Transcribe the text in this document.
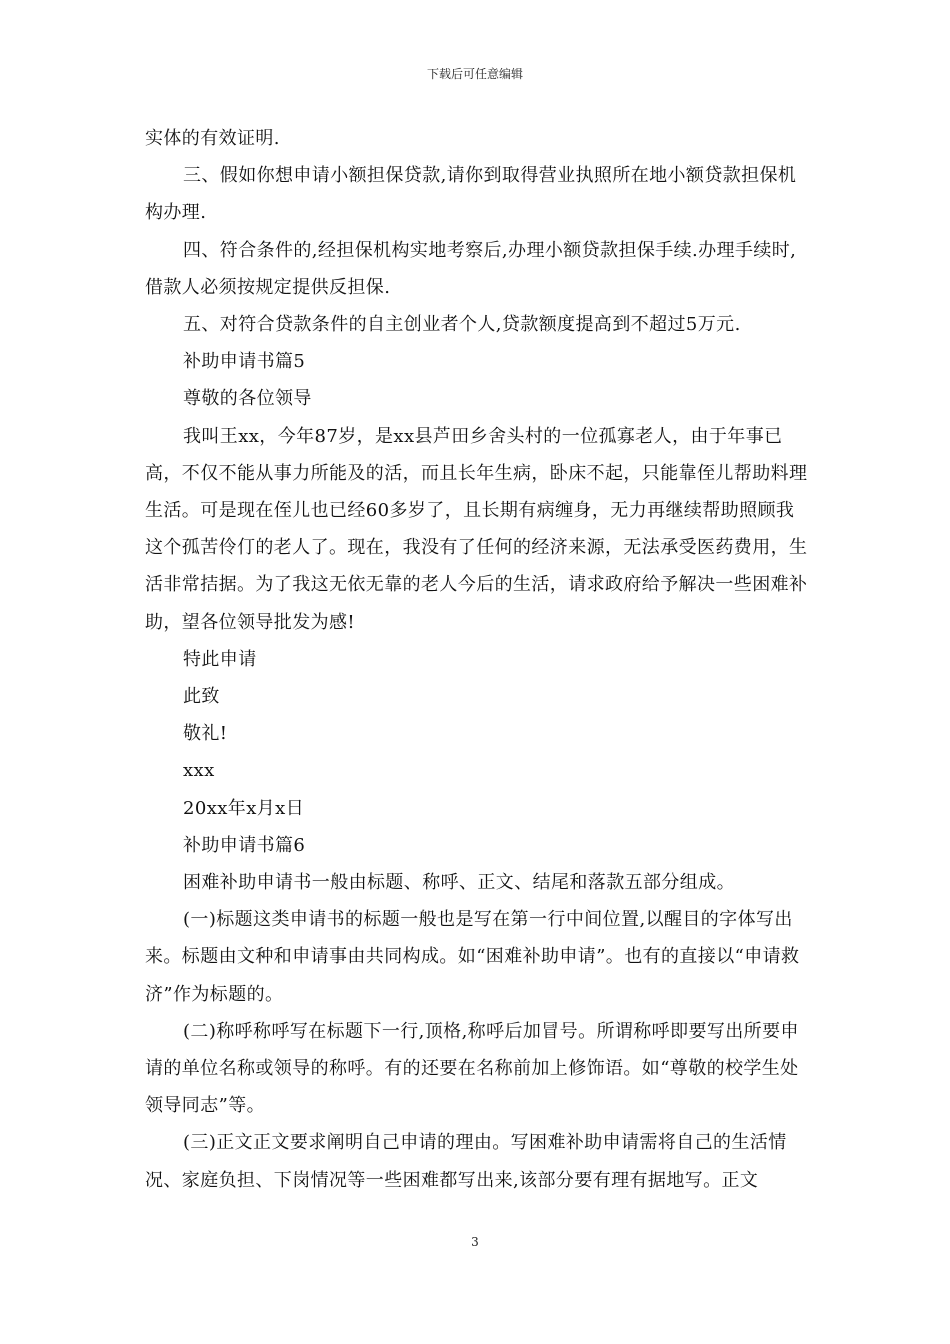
下载后可任意编辑

实体的有效证明.

三、假如你想申请小额担保贷款,请你到取得营业执照所在地小额贷款担保机构办理.

四、符合条件的,经担保机构实地考察后,办理小额贷款担保手续.办理手续时,借款人必须按规定提供反担保.

五、对符合贷款条件的自主创业者个人,贷款额度提高到不超过5万元.

补助申请书篇5

尊敬的各位领导

我叫王xx，今年87岁，是xx县芦田乡舍头村的一位孤寡老人，由于年事已高，不仅不能从事力所能及的活，而且长年生病，卧床不起，只能靠侄儿帮助料理生活。可是现在侄儿也已经60多岁了，且长期有病缠身，无力再继续帮助照顾我这个孤苦伶仃的老人了。现在，我没有了任何的经济来源，无法承受医药费用，生活非常拮据。为了我这无依无靠的老人今后的生活，请求政府给予解决一些困难补助，望各位领导批发为感!

特此申请

此致

敬礼!

xxx

20xx年x月x日

补助申请书篇6

困难补助申请书一般由标题、称呼、正文、结尾和落款五部分组成。

(一)标题这类申请书的标题一般也是写在第一行中间位置,以醒目的字体写出来。标题由文种和申请事由共同构成。如“困难补助申请”。也有的直接以“申请救济”作为标题的。

(二)称呼称呼写在标题下一行,顶格,称呼后加冒号。所谓称呼即要写出所要申请的单位名称或领导的称呼。有的还要在名称前加上修饰语。如“尊敬的校学生处领导同志”等。

(三)正文正文要求阐明自己申请的理由。写困难补助申请需将自己的生活情况、家庭负担、下岗情况等一些困难都写出来,该部分要有理有据地写。正文

3
